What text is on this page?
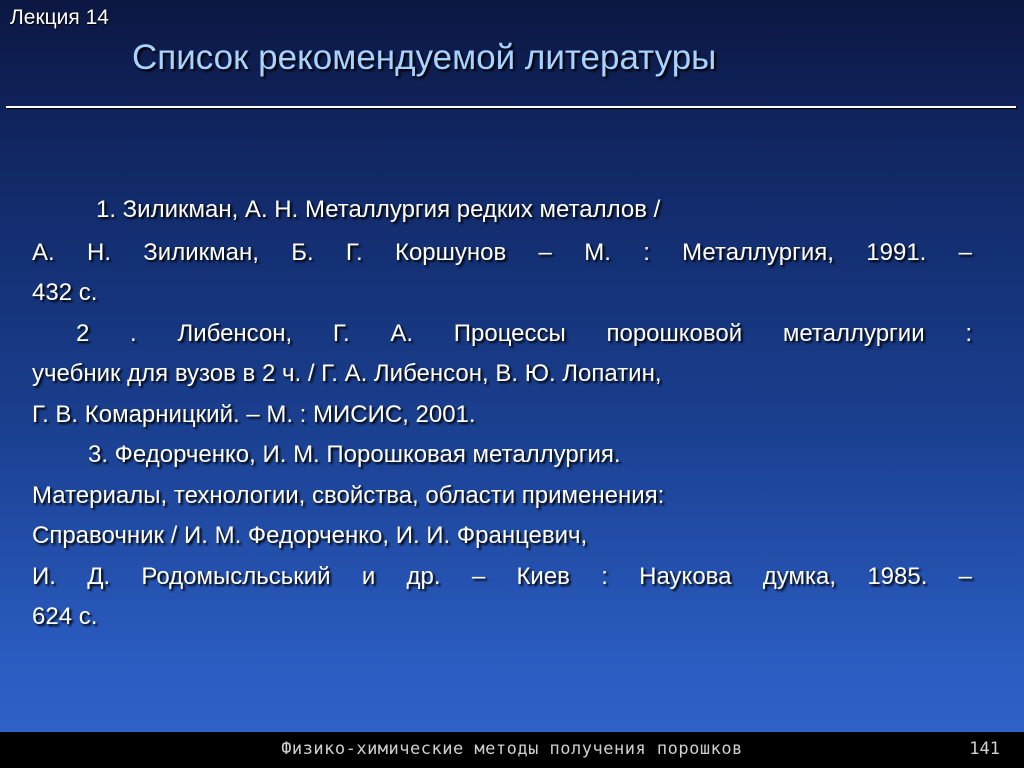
Лекция 14
Список рекомендуемой литературы
1. Зиликман, А. Н. Металлургия редких металлов /
А. Н. Зиликман, Б. Г. Коршунов – М. : Металлургия, 1991. –
432 с.
2 . Либенсон, Г. А. Процессы порошковой металлургии :
учебник для вузов в 2 ч. / Г. А. Либенсон, В. Ю. Лопатин,
Г. В. Комарницкий. – М. : МИСИС, 2001.
3. Федорченко, И. М. Порошковая металлургия.
Материалы, технологии, свойства, области применения:
Справочник / И. М. Федорченко, И. И. Францевич,
И. Д. Родомысльський и др. – Киев : Наукова думка, 1985. –
624 с.
Физико-химические методы получения порошков	141
